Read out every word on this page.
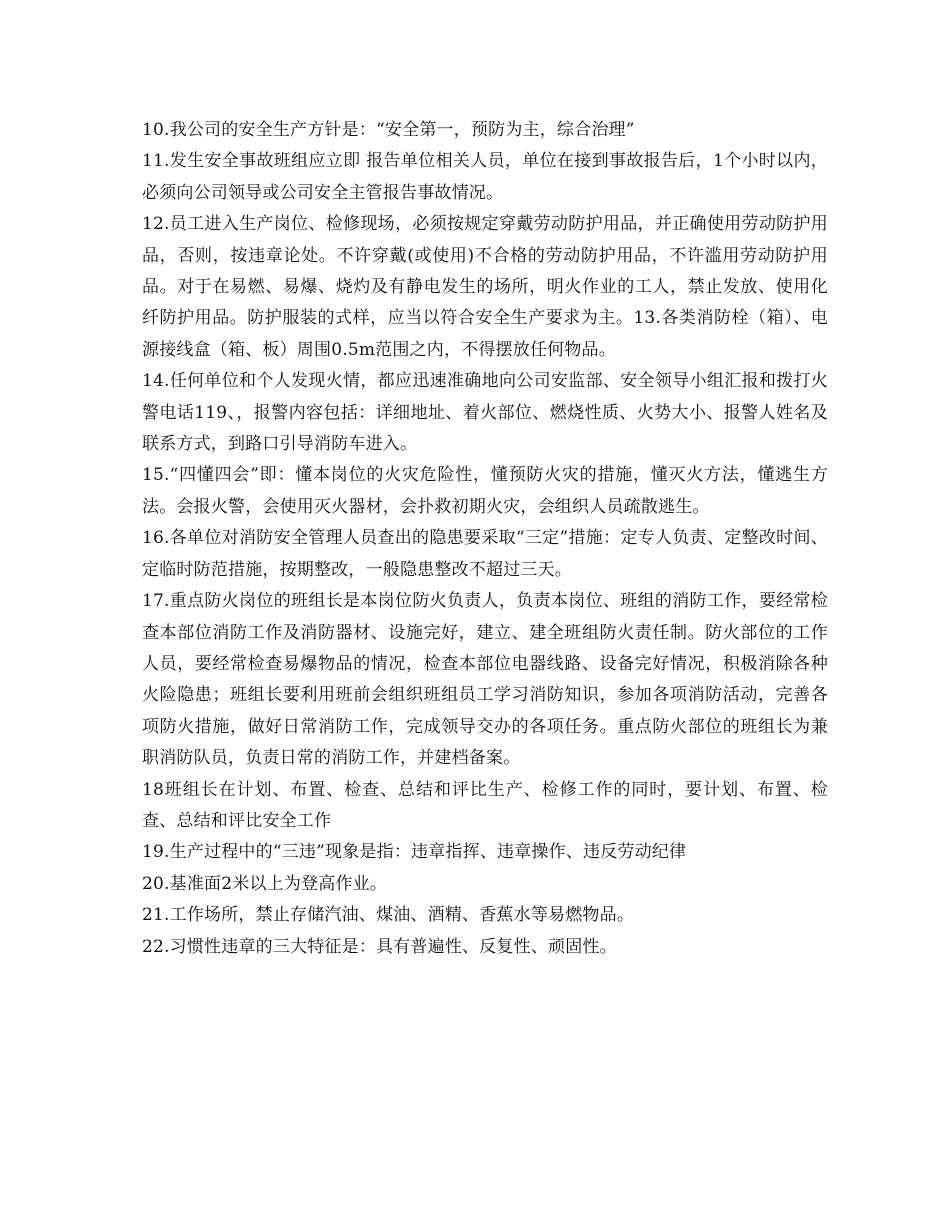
10.我公司的安全生产方针是：“安全第一，预防为主，综合治理”

11.发生安全事故班组应立即 报告单位相关人员，单位在接到事故报告后，1个小时以内，必须向公司领导或公司安全主管报告事故情况。

12.员工进入生产岗位、检修现场，必须按规定穿戴劳动防护用品，并正确使用劳动防护用品，否则，按违章论处。不许穿戴(或使用)不合格的劳动防护用品，不许滥用劳动防护用品。对于在易燃、易爆、烧灼及有静电发生的场所，明火作业的工人，禁止发放、使用化纤防护用品。防护服装的式样，应当以符合安全生产要求为主。13.各类消防栓（箱）、电源接线盒（箱、板）周围0.5m范围之内，不得摆放任何物品。

14.任何单位和个人发现火情，都应迅速准确地向公司安监部、安全领导小组汇报和拨打火警电话119、，报警内容包括：详细地址、着火部位、燃烧性质、火势大小、报警人姓名及联系方式，到路口引导消防车进入。

15.“四懂四会”即：懂本岗位的火灾危险性，懂预防火灾的措施，懂灭火方法，懂逃生方法。会报火警，会使用灭火器材，会扑救初期火灾，会组织人员疏散逃生。

16.各单位对消防安全管理人员查出的隐患要采取“三定”措施：定专人负责、定整改时间、定临时防范措施，按期整改，一般隐患整改不超过三天。

17.重点防火岗位的班组长是本岗位防火负责人，负责本岗位、班组的消防工作，要经常检查本部位消防工作及消防器材、设施完好，建立、建全班组防火责任制。防火部位的工作人员，要经常检查易爆物品的情况，检查本部位电器线路、设备完好情况，积极消除各种火险隐患；班组长要利用班前会组织班组员工学习消防知识，参加各项消防活动，完善各项防火措施，做好日常消防工作，完成领导交办的各项任务。重点防火部位的班组长为兼职消防队员，负责日常的消防工作，并建档备案。

18班组长在计划、布置、检查、总结和评比生产、检修工作的同时，要计划、布置、检查、总结和评比安全工作

19.生产过程中的“三违”现象是指：违章指挥、违章操作、违反劳动纪律

20.基准面2米以上为登高作业。

21.工作场所，禁止存储汽油、煤油、酒精、香蕉水等易燃物品。

22.习惯性违章的三大特征是：具有普遍性、反复性、顽固性。
